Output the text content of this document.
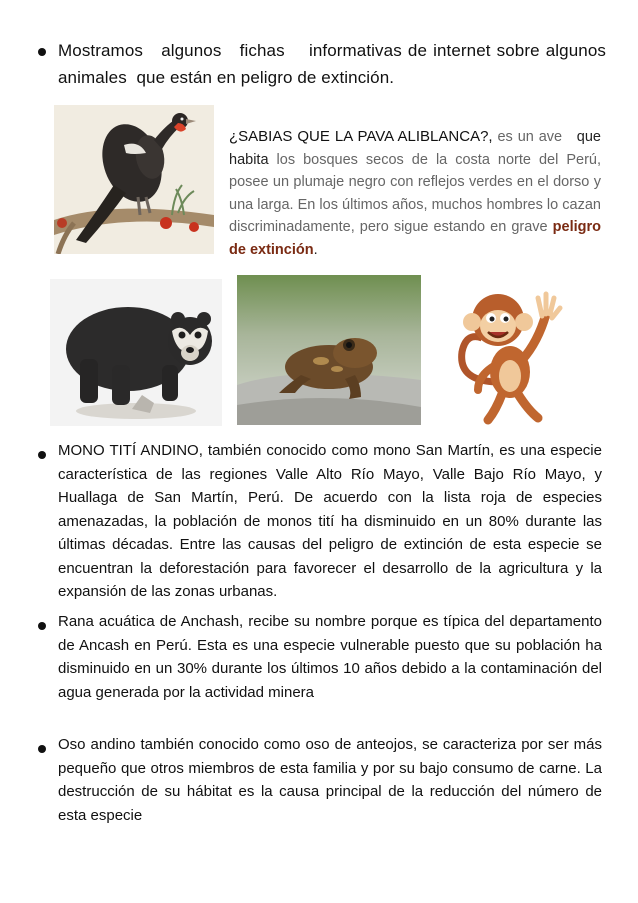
Mostramos   algunos   fichas    informativas de internet sobre algunos
animales  que están en peligro de extinción.
¿SABIAS QUE LA PAVA ALIBLANCA?, es un ave   que habita los bosques secos de la costa norte del Perú, posee un plumaje negro con reflejos verdes en el dorso y una larga. En los últimos años, muchos hombres lo cazan discriminadamente, pero sigue estando en grave peligro de extinción.
MONO TITÍ ANDINO, también conocido como mono San Martín, es una especie característica de las regiones Valle Alto Río Mayo, Valle Bajo Río Mayo, y Huallaga de San Martín, Perú. De acuerdo con la lista roja de especies amenazadas, la población de monos tití ha disminuido en un 80% durante las últimas décadas. Entre las causas del peligro de extinción de esta especie se encuentran la deforestación para favorecer el desarrollo de la agricultura y la expansión de las zonas urbanas.
Rana acuática de Anchash, recibe su nombre porque es típica del departamento de Ancash en Perú. Esta es una especie vulnerable puesto que su población ha disminuido en un 30% durante los últimos 10 años debido a la contaminación del agua generada por la actividad minera
Oso andino también conocido como oso de anteojos, se caracteriza por ser más pequeño que otros miembros de esta familia y por su bajo consumo de carne. La destrucción de su hábitat es la causa principal de la reducción del número de esta especie
